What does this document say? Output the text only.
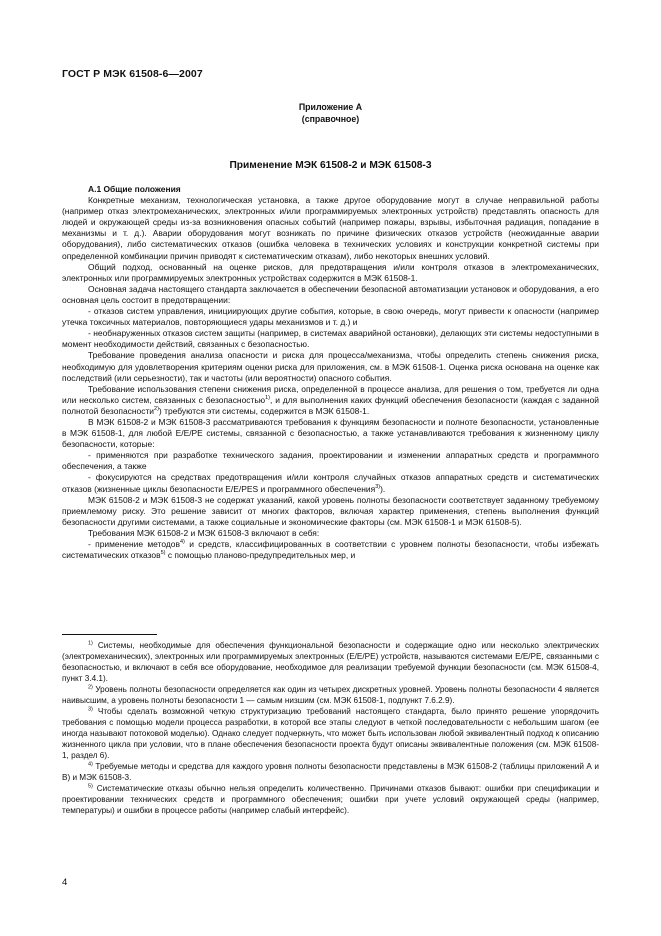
ГОСТ Р МЭК 61508-6—2007
Приложение А
(справочное)
Применение МЭК 61508-2 и МЭК 61508-3

А.1 Общие положения

Конкретные механизм, технологическая установка, а также другое оборудование могут в случае неправильной работы (например отказ электромеханических, электронных и/или программируемых электронных устройств) представлять опасность для людей и окружающей среды из-за возникновения опасных событий (например пожары, взрывы, избыточная радиация, попадание в механизмы и т. д.). Аварии оборудования могут возникать по причине физических отказов устройств (неожиданные аварии оборудования), либо систематических отказов (ошибка человека в технических условиях и конструкции конкретной системы при определенной комбинации причин приводят к систематическим отказам), либо некоторых внешних условий.

Общий подход, основанный на оценке рисков, для предотвращения и/или контроля отказов в электромеханических, электронных или программируемых электронных устройствах содержится в МЭК 61508-1.

Основная задача настоящего стандарта заключается в обеспечении безопасной автоматизации установок и оборудования, а его основная цель состоит в предотвращении:

- отказов систем управления, инициирующих другие события, которые, в свою очередь, могут привести к опасности (например утечка токсичных материалов, повторяющиеся удары механизмов и т. д.) и

- необнаруженных отказов систем защиты (например, в системах аварийной остановки), делающих эти системы недоступными в момент необходимости действий, связанных с безопасностью.

Требование проведения анализа опасности и риска для процесса/механизма, чтобы определить степень снижения риска, необходимую для удовлетворения критериям оценки риска для приложения, см. в МЭК 61508-1. Оценка риска основана на оценке как последствий (или серьезности), так и частоты (или вероятности) опасного события.

Требование использования степени снижения риска, определенной в процессе анализа, для решения о том, требуется ли одна или несколько систем, связанных с безопасностью$^{1)}$, и для выполнения каких функций обеспечения безопасности (каждая с заданной полнотой безопасности$^{2)}$) требуются эти системы, содержится в МЭК 61508-1.

В МЭК 61508-2 и МЭК 61508-3 рассматриваются требования к функциям безопасности и полноте безопасности, установленные в МЭК 61508-1, для любой Е/Е/РЕ системы, связанной с безопасностью, а также устанавливаются требования к жизненному циклу безопасности, которые:

- применяются при разработке технического задания, проектировании и изменении аппаратных средств и программного обеспечения, а также

- фокусируются на средствах предотвращения и/или контроля случайных отказов аппаратных средств и систематических отказов (жизненные циклы безопасности Е/Е/РЕS и программного обеспечения$^{3)}$).

МЭК 61508-2 и МЭК 61508-3 не содержат указаний, какой уровень полноты безопасности соответствует заданному требуемому приемлемому риску. Это решение зависит от многих факторов, включая характер применения, степень выполнения функций безопасности другими системами, а также социальные и экономические факторы (см. МЭК 61508-1 и МЭК 61508-5).

Требования МЭК 61508-2 и МЭК 61508-3 включают в себя:

- применение методов$^{4)}$ и средств, классифицированных в соответствии с уровнем полноты безопасности, чтобы избежать систематических отказов$^{5)}$ с помощью планово-предупредительных мер, и

$^{1)}$ Системы, необходимые для обеспечения функциональной безопасности и содержащие одно или несколько электрических (электромеханических), электронных или программируемых электронных (Е/Е/РЕ) устройств, называются системами Е/Е/РЕ, связанными с безопасностью, и включают в себя все оборудование, необходимое для реализации требуемой функции безопасности (см. МЭК 61508-4, пункт 3.4.1).

$^{2)}$ Уровень полноты безопасности определяется как один из четырех дискретных уровней. Уровень полноты безопасности 4 является наивысшим, а уровень полноты безопасности 1 — самым низшим (см. МЭК 61508-1, подпункт 7.6.2.9).

$^{3)}$ Чтобы сделать возможной четкую структуризацию требований настоящего стандарта, было принято решение упорядочить требования с помощью модели процесса разработки, в которой все этапы следуют в четкой последовательности с небольшим шагом (ее иногда называют потоковой моделью). Однако следует подчеркнуть, что может быть использован любой эквивалентный подход к описанию жизненного цикла при условии, что в плане обеспечения безопасности проекта будут описаны эквивалентные положения (см. МЭК 61508-1, раздел 6).

$^{4)}$ Требуемые методы и средства для каждого уровня полноты безопасности представлены в МЭК 61508-2 (таблицы приложений А и В) и МЭК 61508-3.

$^{5)}$ Систематические отказы обычно нельзя определить количественно. Причинами отказов бывают: ошибки при спецификации и проектировании технических средств и программного обеспечения; ошибки при учете условий окружающей среды (например, температуры) и ошибки в процессе работы (например слабый интерфейс).

4
